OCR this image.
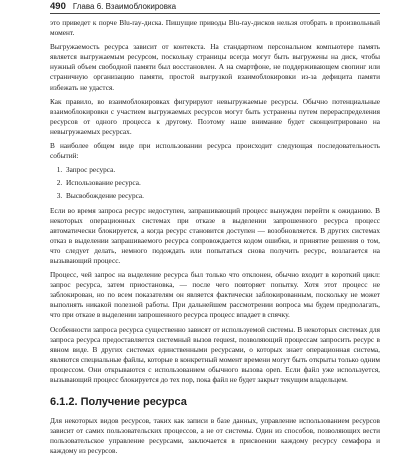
490 Глава 6. Взаимоблокировка

это приведет к порче Blu-ray-диска. Пишущие приводы Blu-ray-дисков нельзя отобрать в произвольный момент.

Выгружаемость ресурса зависит от контекста. На стандартном персональном компьютере память является выгружаемым ресурсом, поскольку страницы всегда могут быть выгружены на диск, чтобы нужный объем свободной памяти был восстановлен. А на смартфоне, не поддерживающем свопинг или страничную организацию памяти, простой выгрузкой взаимоблокировки из-за дефицита памяти избежать не удастся.

Как правило, во взаимоблокировках фигурируют невыгружаемые ресурсы. Обычно потенциальные взаимоблокировки с участием выгружаемых ресурсов могут быть устранены путем перераспределения ресурсов от одного процесса к другому. Поэтому наше внимание будет сконцентрировано на невыгружаемых ресурсах.

В наиболее общем виде при использовании ресурса происходит следующая последовательность событий:

1. Запрос ресурса.
2. Использование ресурса.
3. Высвобождение ресурса.

Если во время запроса ресурс недоступен, запрашивающий процесс вынужден перейти к ожиданию. В некоторых операционных системах при отказе в выделении запрошенного ресурса процесс автоматически блокируется, а когда ресурс становится доступен — возобновляется. В других системах отказ в выделении запрашиваемого ресурса сопровождается кодом ошибки, и принятие решения о том, что следует делать, немного подождать или попытаться снова получить ресурс, возлагается на вызывающий процесс.

Процесс, чей запрос на выделение ресурса был только что отклонен, обычно входит в короткий цикл: запрос ресурса, затем приостановка, — после чего повторяет попытку. Хотя этот процесс не заблокирован, но по всем показателям он является фактически заблокированным, поскольку не может выполнять никакой полезной работы. При дальнейшем рассмотрении вопроса мы будем предполагать, что при отказе в выделении запрошенного ресурса процесс впадает в спячку.

Особенности запроса ресурса существенно зависят от используемой системы. В некоторых системах для запроса ресурса предоставляется системный вызов request, позволяющий процессам запросить ресурс в явном виде. В других системах единственными ресурсами, о которых знает операционная система, являются специальные файлы, которые в конкретный момент времени могут быть открыты только одним процессом. Они открываются с использованием обычного вызова open. Если файл уже используется, вызывающий процесс блокируется до тех пор, пока файл не будет закрыт текущим владельцем.

6.1.2. Получение ресурса

Для некоторых видов ресурсов, таких как записи в базе данных, управление использованием ресурсов зависит от самих пользовательских процессов, а не от системы. Один из способов, позволяющих вести пользовательское управление ресурсами, заключается в присвоении каждому ресурсу семафора и каждому из ресурсов.
